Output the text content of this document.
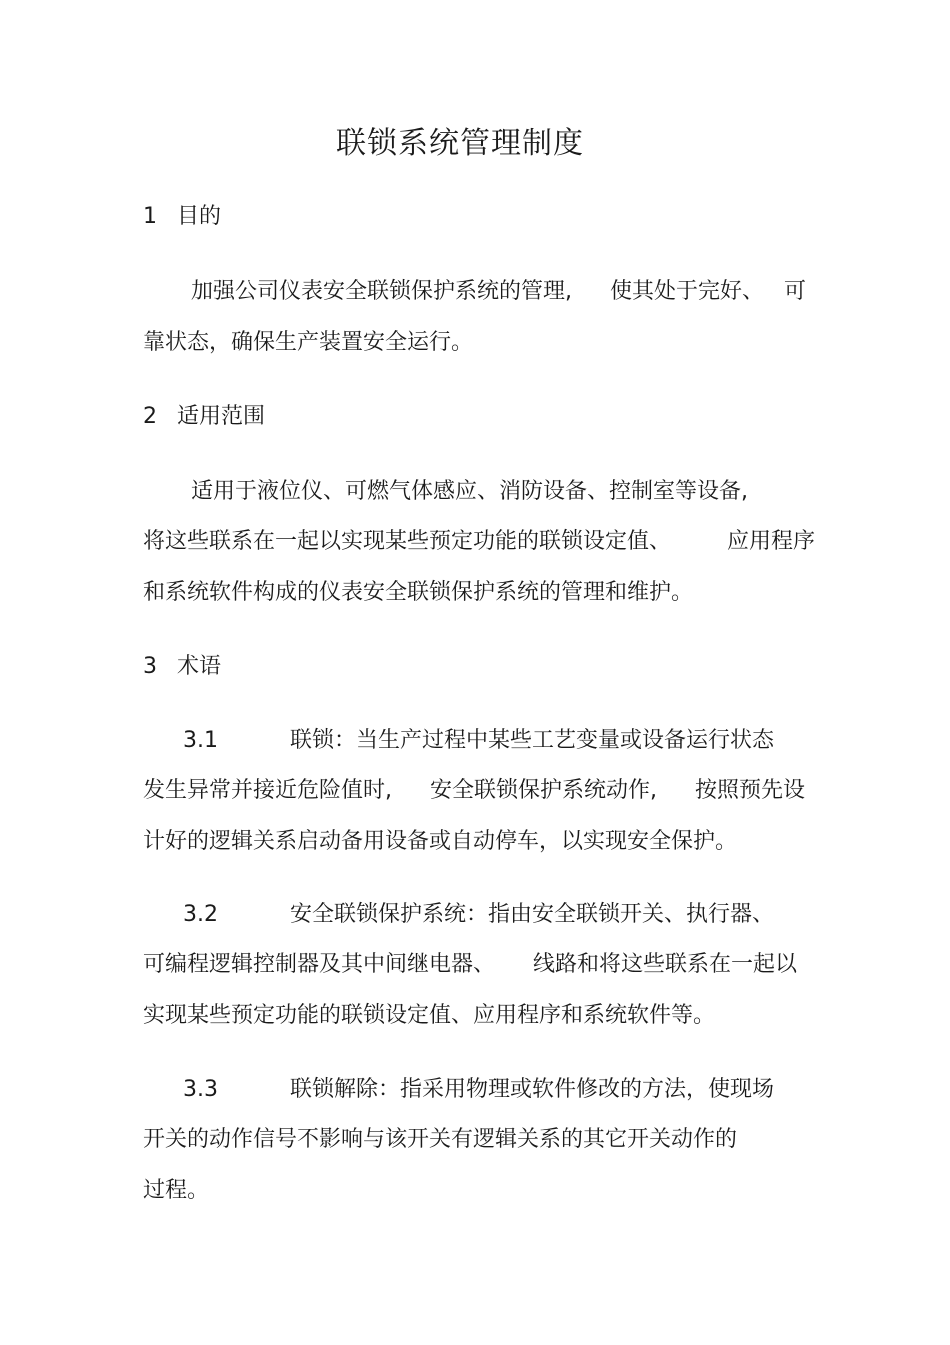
联锁系统管理制度
1 目的
加强公司仪表安全联锁保护系统的管理, 使其处于完好、 可
靠状态，确保生产装置安全运行。
2 适用范围
适用于液位仪、可燃气体感应、消防设备、控制室等设备,
将这些联系在一起以实现某些预定功能的联锁设定值、	应用程序
和系统软件构成的仪表安全联锁保护系统的管理和维护。
3 术语
3.1	联锁：当生产过程中某些工艺变量或设备运行状态
发生异常并接近危险值时, 安全联锁保护系统动作, 按照预先设
计好的逻辑关系启动备用设备或自动停车，以实现安全保护。
3.2	安全联锁保护系统：指由安全联锁开关、执行器、
可编程逻辑控制器及其中间继电器、 线路和将这些联系在一起以
实现某些预定功能的联锁设定值、应用程序和系统软件等。
3.3	联锁解除：指采用物理或软件修改的方法，使现场
开关的动作信号不影响与该开关有逻辑关系的其它开关动作的
过程。
